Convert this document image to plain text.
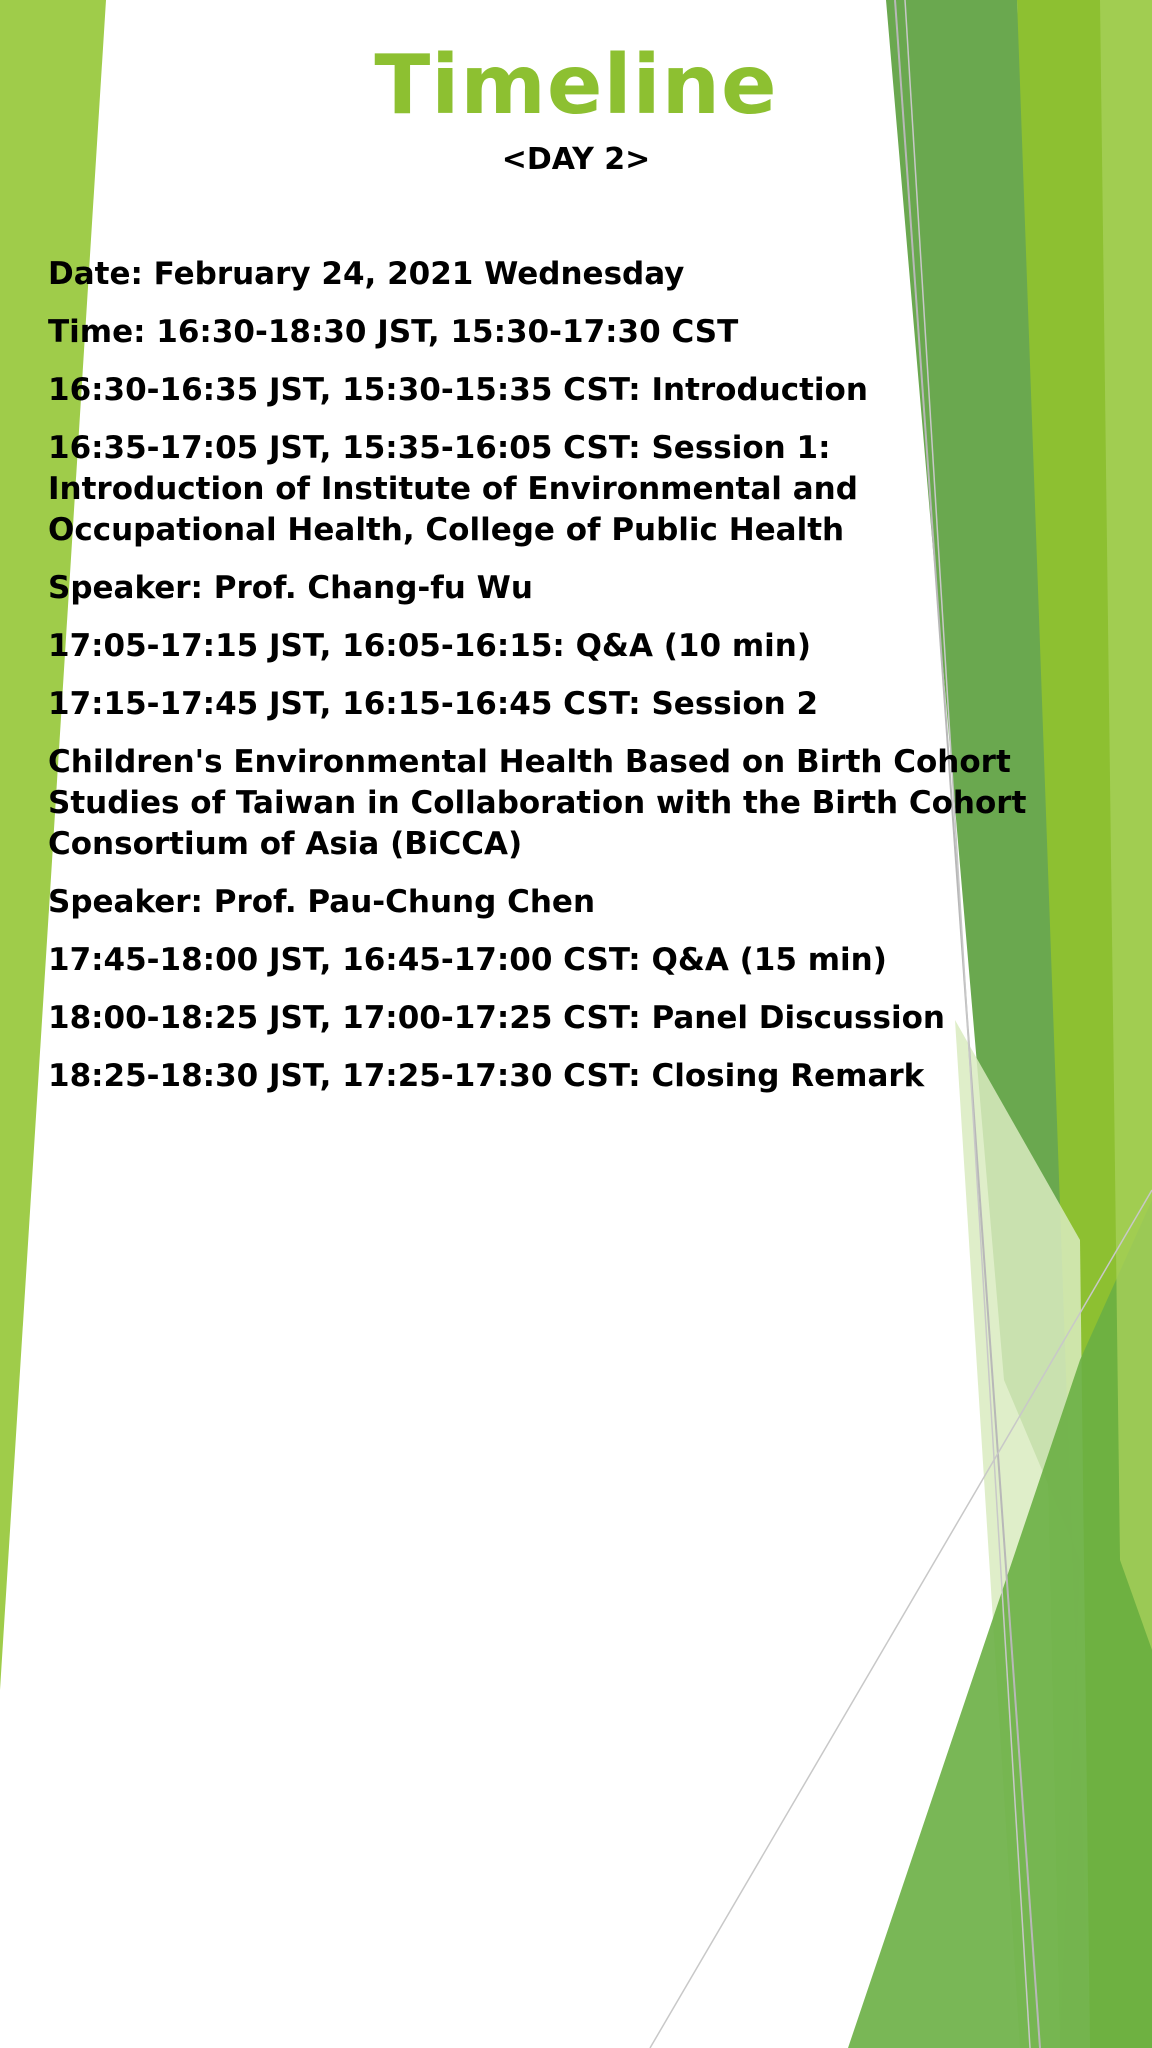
Timeline
<DAY 2>
Date: February 24, 2021 Wednesday
Time: 16:30-18:30 JST, 15:30-17:30 CST
16:30-16:35 JST, 15:30-15:35 CST: Introduction
16:35-17:05 JST, 15:35-16:05 CST: Session 1:
Introduction of Institute of Environmental and
Occupational Health, College of Public Health
Speaker: Prof. Chang-fu Wu
17:05-17:15 JST, 16:05-16:15: Q&A (10 min)
17:15-17:45 JST, 16:15-16:45 CST: Session 2
Children's Environmental Health Based on Birth Cohort
Studies of Taiwan in Collaboration with the Birth Cohort
Consortium of Asia (BiCCA)
Speaker: Prof. Pau-Chung Chen
17:45-18:00 JST, 16:45-17:00 CST: Q&A (15 min)
18:00-18:25 JST, 17:00-17:25 CST: Panel Discussion
18:25-18:30 JST, 17:25-17:30 CST: Closing Remark
